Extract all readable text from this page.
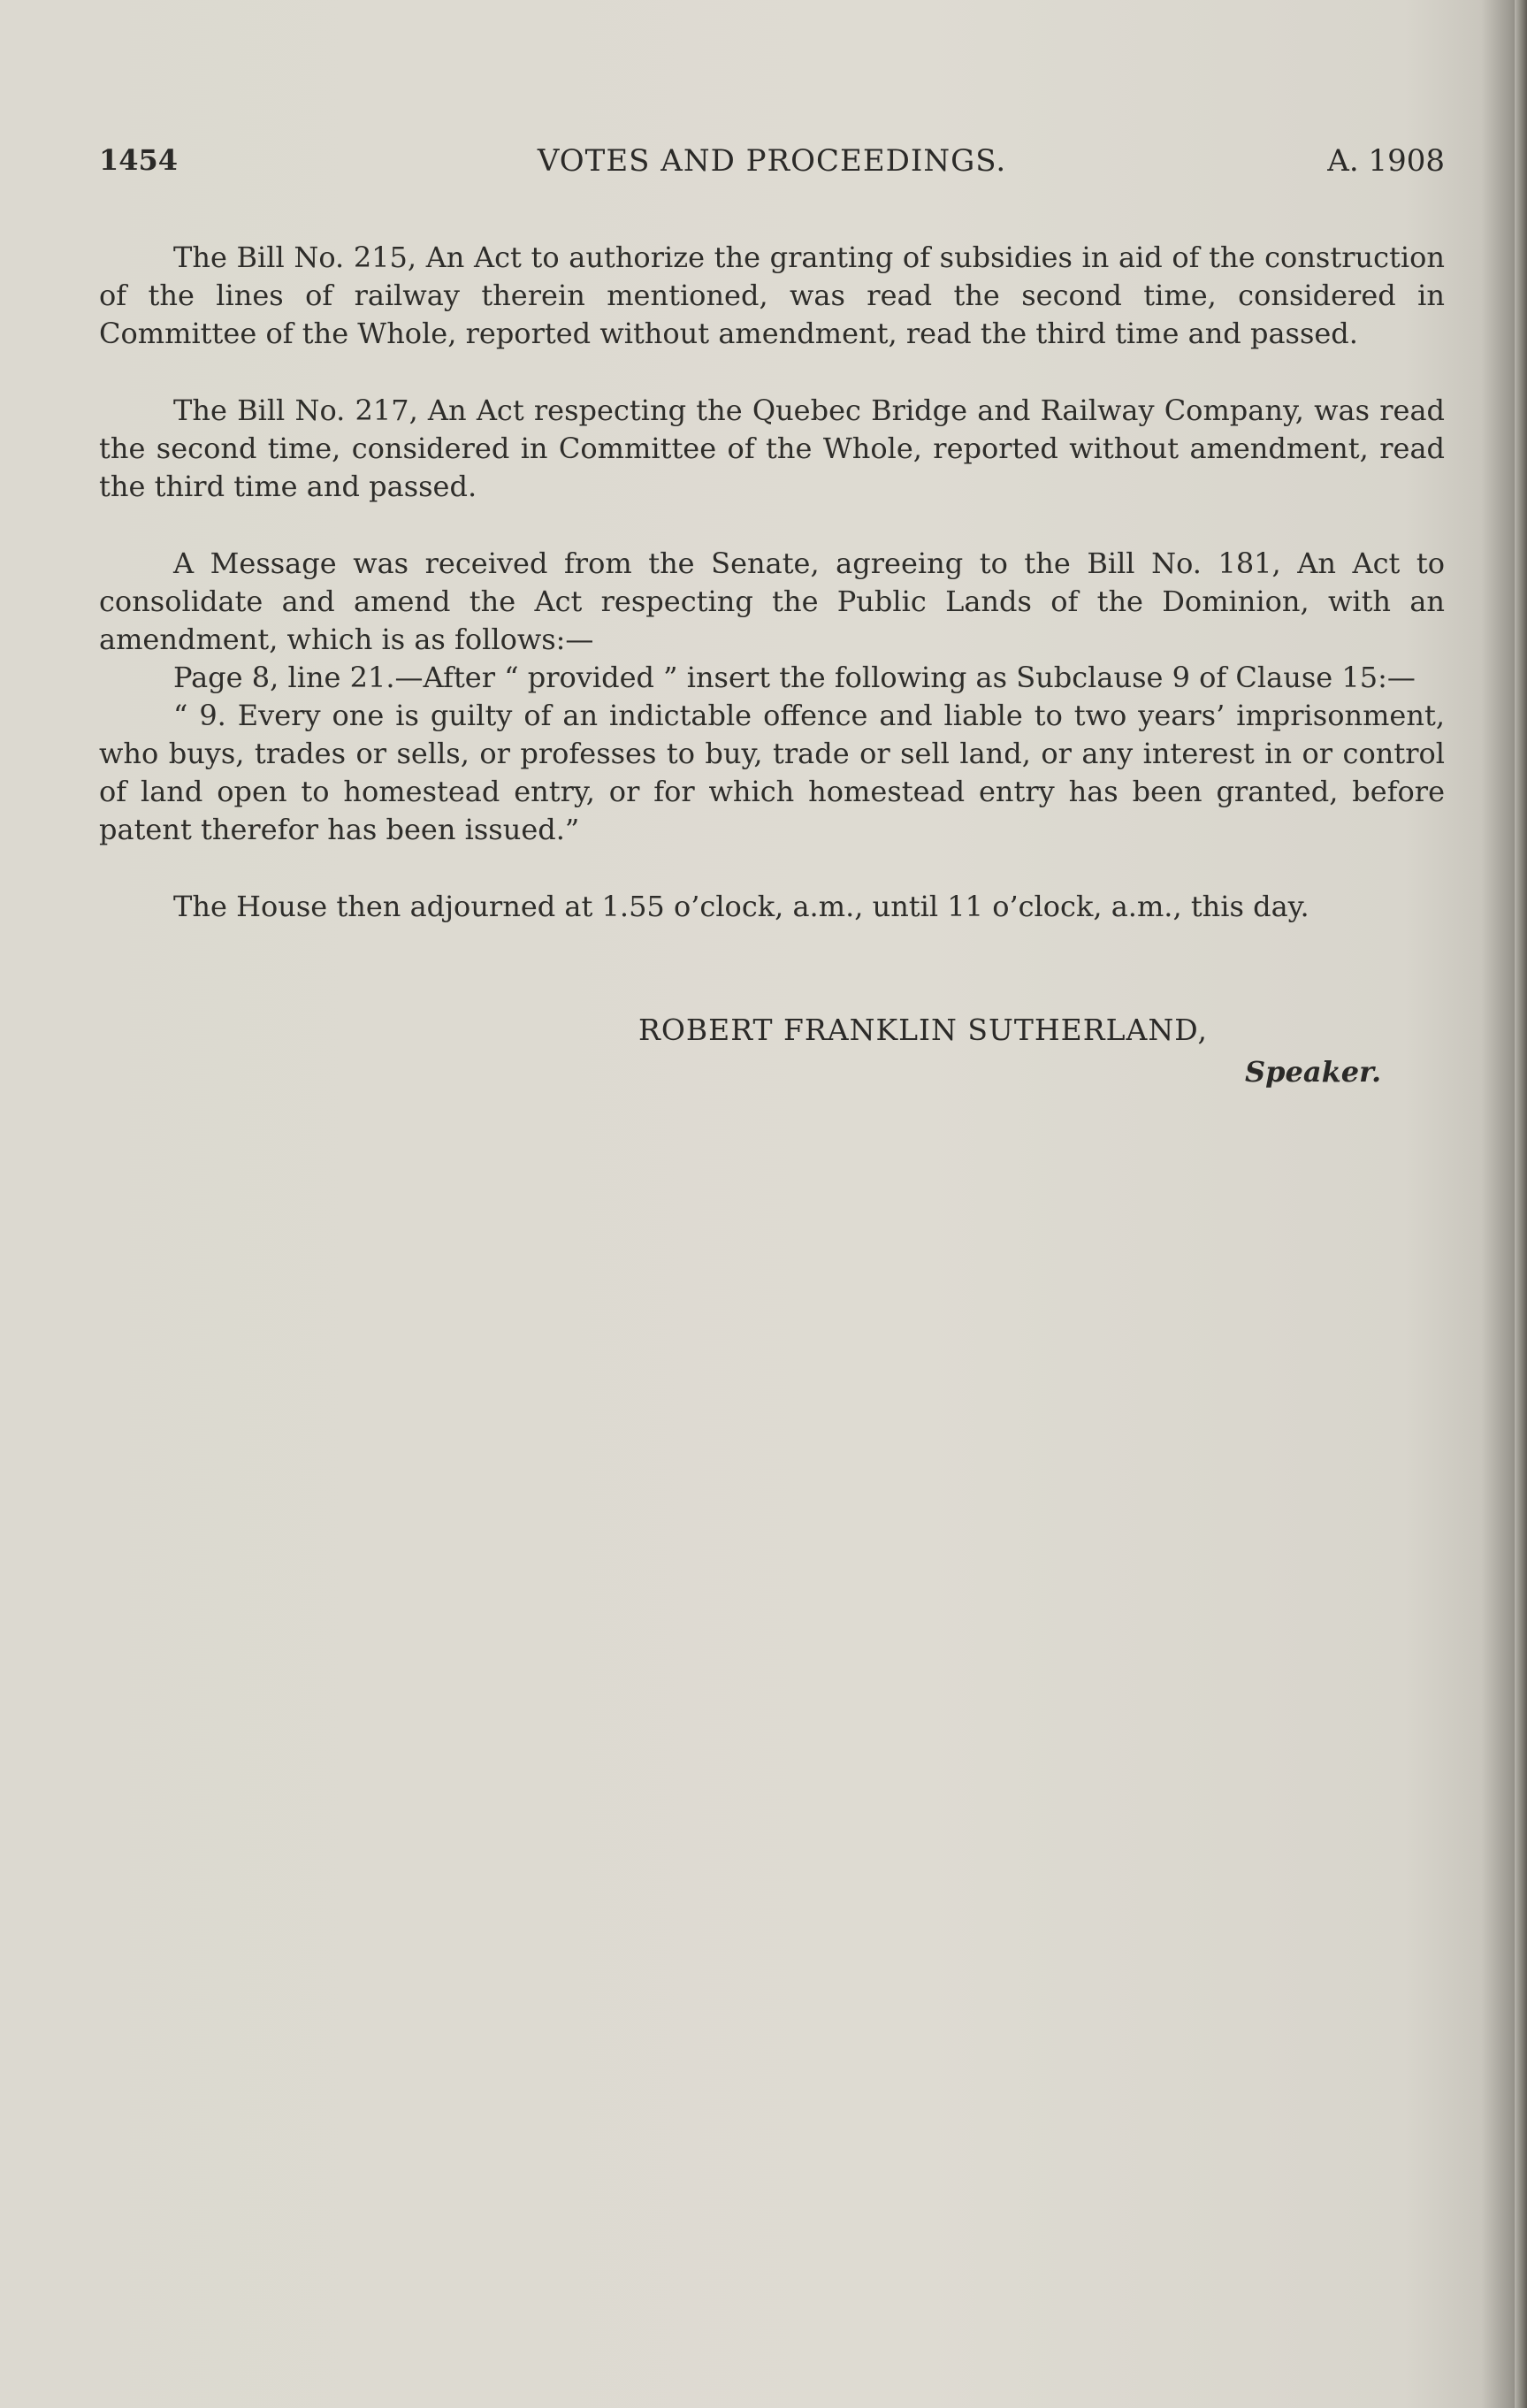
1454	VOTES AND PROCEEDINGS.	A. 1908

The Bill No. 215, An Act to authorize the granting of subsidies in aid of the construction of the lines of railway therein mentioned, was read the second time, considered in Committee of the Whole, reported without amendment, read the third time and passed.

The Bill No. 217, An Act respecting the Quebec Bridge and Railway Company, was read the second time, considered in Committee of the Whole, reported without amendment, read the third time and passed.

A Message was received from the Senate, agreeing to the Bill No. 181, An Act to consolidate and amend the Act respecting the Public Lands of the Dominion, with an amendment, which is as follows:—

Page 8, line 21.—After “ provided ” insert the following as Subclause 9 of Clause 15:—

“ 9. Every one is guilty of an indictable offence and liable to two years’ imprisonment, who buys, trades or sells, or professes to buy, trade or sell land, or any interest in or control of land open to homestead entry, or for which homestead entry has been granted, before patent therefor has been issued.”

The House then adjourned at 1.55 o’clock, a.m., until 11 o’clock, a.m., this day.

ROBERT FRANKLIN SUTHERLAND,
Speaker.
